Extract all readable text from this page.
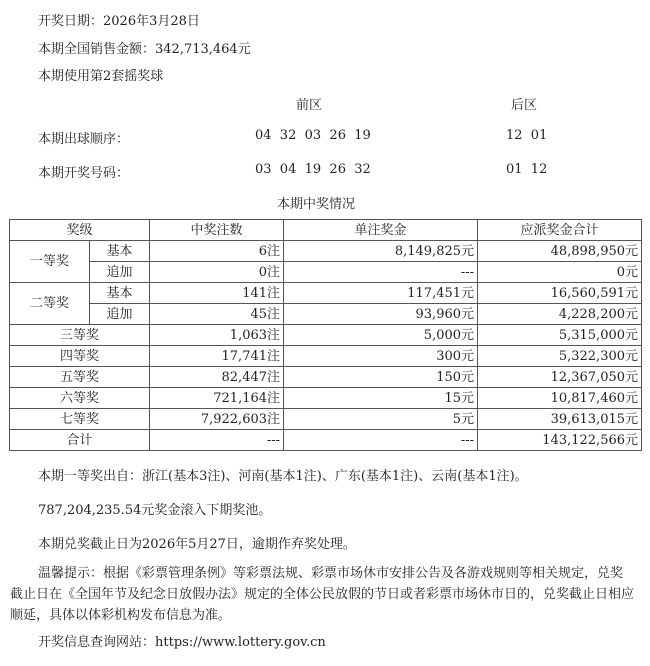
开奖日期：2026年3月28日
本期全国销售金额：342,713,464元
本期使用第2套摇奖球
前区	后区
本期出球顺序：	04  32  03  26  19	12  01
本期开奖号码：	03  04  19  26  32	01  12
本期中奖情况
奖级		中奖注数	单注奖金	应派奖金合计
一等奖	基本	6注	8,149,825元	48,898,950元
	追加	0注	---	0元
二等奖	基本	141注	117,451元	16,560,591元
	追加	45注	93,960元	4,228,200元
三等奖		1,063注	5,000元	5,315,000元
四等奖		17,741注	300元	5,322,300元
五等奖		82,447注	150元	12,367,050元
六等奖		721,164注	15元	10,817,460元
七等奖		7,922,603注	5元	39,613,015元
合计		---	---	143,122,566元
本期一等奖出自：浙江(基本3注)、河南(基本1注)、广东(基本1注)、云南(基本1注)。
787,204,235.54元奖金滚入下期奖池。
本期兑奖截止日为2026年5月27日，逾期作弃奖处理。
温馨提示：根据《彩票管理条例》等彩票法规、彩票市场休市安排公告及各游戏规则等相关规定，兑奖截止日在《全国年节及纪念日放假办法》规定的全体公民放假的节日或者彩票市场休市日的，兑奖截止日相应顺延，具体以体彩机构发布信息为准。
开奖信息查询网站：https://www.lottery.gov.cn
